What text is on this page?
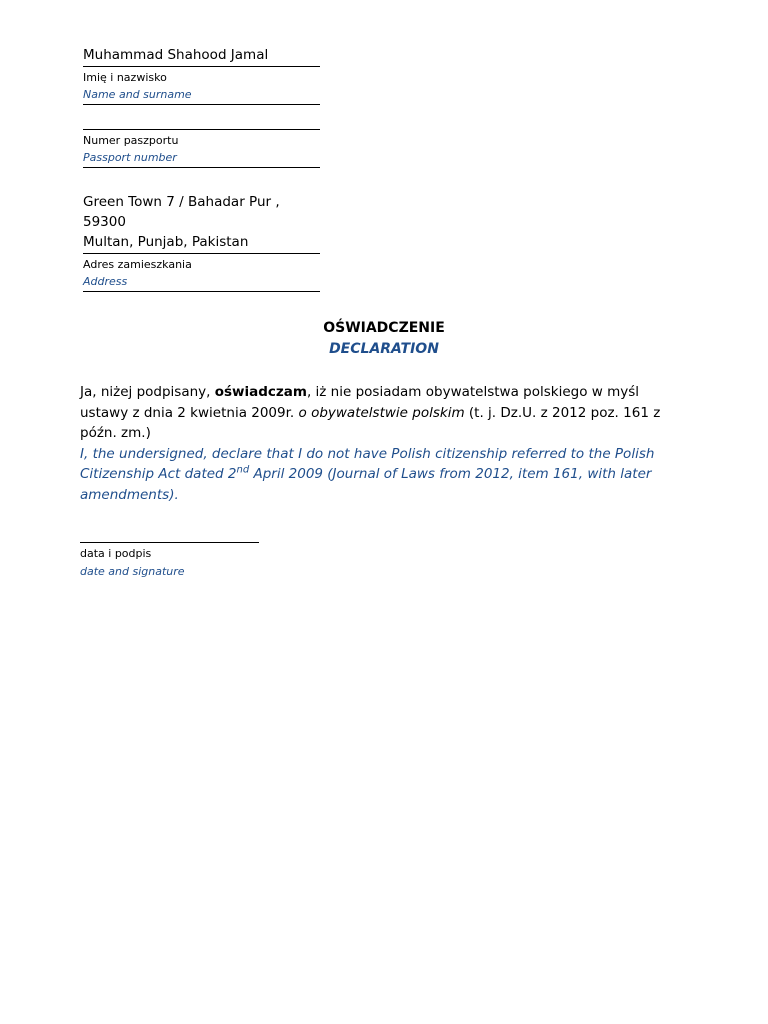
Muhammad Shahood Jamal
Imię i nazwisko
Name and surname
Numer paszportu
Passport number
Green Town 7 / Bahadar Pur , 59300
Multan, Punjab, Pakistan
Adres zamieszkania
Address
OŚWIADCZENIE
DECLARATION
Ja, niżej podpisany, oświadczam, iż nie posiadam obywatelstwa polskiego w myśl ustawy z dnia 2 kwietnia 2009r. o obywatelstwie polskim (t. j. Dz.U. z 2012 poz. 161 z późn. zm.)
I, the undersigned, declare that I do not have Polish citizenship referred to the Polish Citizenship Act dated 2nd April 2009 (Journal of Laws from 2012, item 161, with later amendments).
data i podpis
date and signature
